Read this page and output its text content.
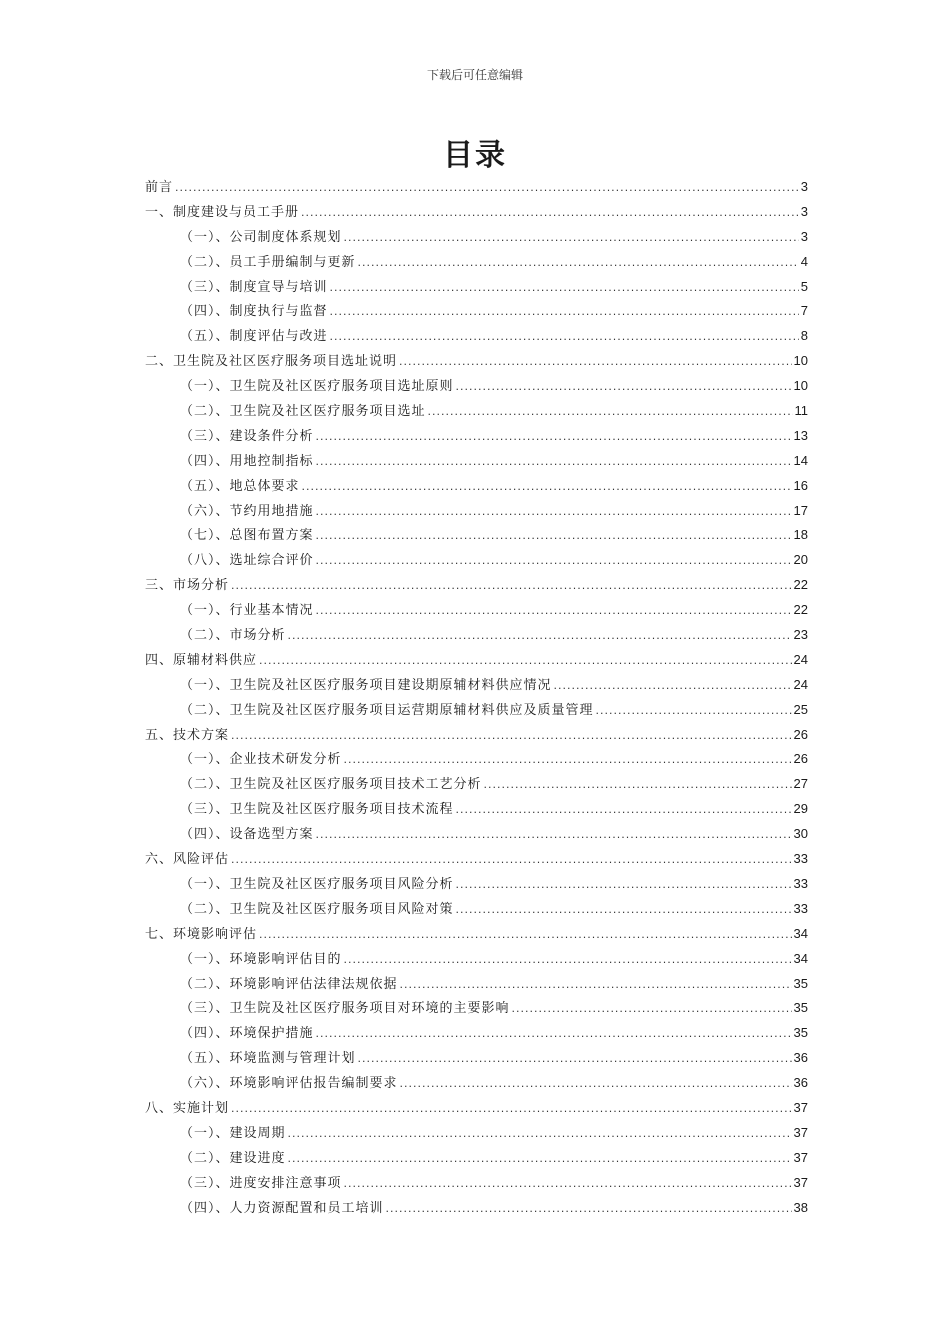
下载后可任意编辑
目录
前言 .....	3
一、制度建设与员工手册 .....	3
（一）、公司制度体系规划 .....	3
（二）、员工手册编制与更新 .....	4
（三）、制度宣导与培训 .....	5
（四）、制度执行与监督 .....	7
（五）、制度评估与改进 .....	8
二、卫生院及社区医疗服务项目选址说明 .....	10
（一）、卫生院及社区医疗服务项目选址原则 .....	10
（二）、卫生院及社区医疗服务项目选址 .....	11
（三）、建设条件分析 .....	13
（四）、用地控制指标 .....	14
（五）、地总体要求 .....	16
（六）、节约用地措施 .....	17
（七）、总图布置方案 .....	18
（八）、选址综合评价 .....	20
三、市场分析 .....	22
（一）、行业基本情况 .....	22
（二）、市场分析 .....	23
四、原辅材料供应 .....	24
（一）、卫生院及社区医疗服务项目建设期原辅材料供应情况 .....	24
（二）、卫生院及社区医疗服务项目运营期原辅材料供应及质量管理 .....	25
五、技术方案 .....	26
（一）、企业技术研发分析 .....	26
（二）、卫生院及社区医疗服务项目技术工艺分析 .....	27
（三）、卫生院及社区医疗服务项目技术流程 .....	29
（四）、设备选型方案 .....	30
六、风险评估 .....	33
（一）、卫生院及社区医疗服务项目风险分析 .....	33
（二）、卫生院及社区医疗服务项目风险对策 .....	33
七、环境影响评估 .....	34
（一）、环境影响评估目的 .....	34
（二）、环境影响评估法律法规依据 .....	35
（三）、卫生院及社区医疗服务项目对环境的主要影响 .....	35
（四）、环境保护措施 .....	35
（五）、环境监测与管理计划 .....	36
（六）、环境影响评估报告编制要求 .....	36
八、实施计划 .....	37
（一）、建设周期 .....	37
（二）、建设进度 .....	37
（三）、进度安排注意事项 .....	37
（四）、人力资源配置和员工培训 .....	38
